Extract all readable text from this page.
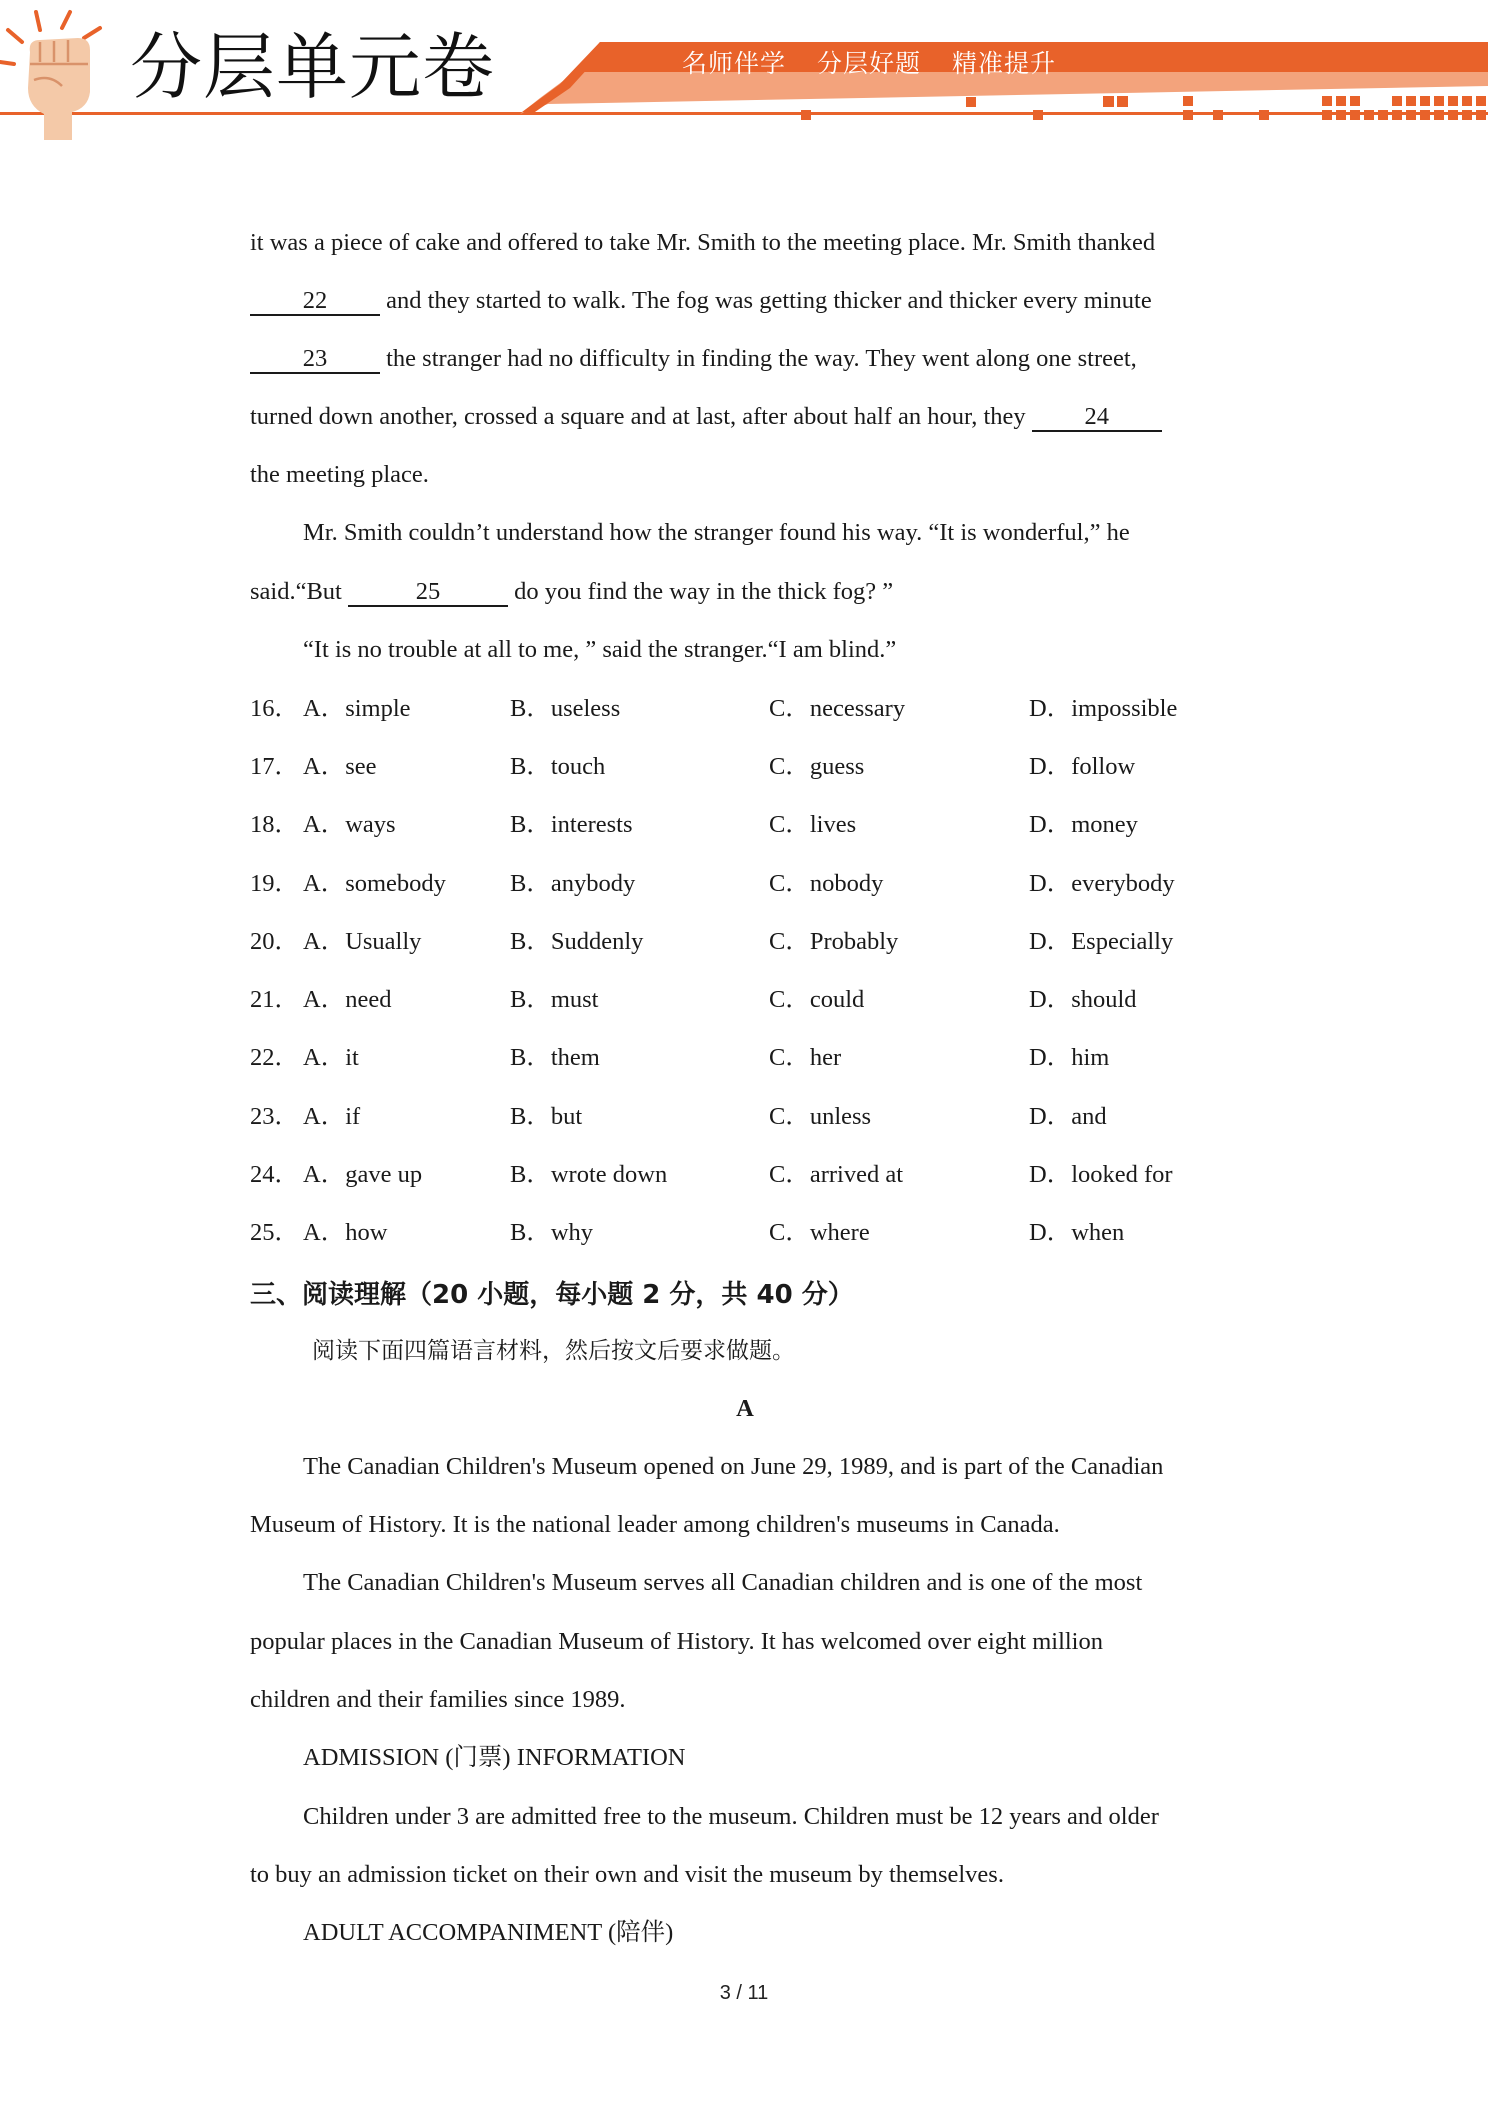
分层单元卷	名师伴学 分层好题 精准提升
it was a piece of cake and offered to take Mr. Smith to the meeting place. Mr. Smith thanked
22 and they started to walk. The fog was getting thicker and thicker every minute
23 the stranger had no difficulty in finding the way. They went along one street,
turned down another, crossed a square and at last, after about half an hour, they 24
the meeting place.
Mr. Smith couldn’t understand how the stranger found his way. “It is wonderful,” he
said.“But	25	do you find the way in the thick fog? ”
“It is no trouble at all to me, ” said the stranger.“I am blind.”
16． A．simple	B．useless	C．necessary	D．impossible
17． A．see	B．touch	C．guess	D．follow
18． A．ways	B．interests	C．lives	D．money
19． A．somebody	B．anybody	C．nobody	D．everybody
20． A．Usually	B．Suddenly	C．Probably	D．Especially
21． A．need	B．must	C．could	D．should
22． A．it	B．them	C．her	D．him
23． A．if	B．but	C．unless	D．and
24． A．gave up	B．wrote down	C．arrived at	D．looked for
25． A．how	B．why	C．where	D．when
三、阅读理解（20 小题，每小题 2 分，共 40 分）
阅读下面四篇语言材料，然后按文后要求做题。
A
The Canadian Children's Museum opened on June 29, 1989, and is part of the Canadian
Museum of History. It is the national leader among children's museums in Canada.
The Canadian Children's Museum serves all Canadian children and is one of the most
popular places in the Canadian Museum of History. It has welcomed over eight million
children and their families since 1989.
ADMISSION (门票) INFORMATION
Children under 3 are admitted free to the museum. Children must be 12 years and older
to buy an admission ticket on their own and visit the museum by themselves.
ADULT ACCOMPANIMENT (陪伴)
3 / 11
